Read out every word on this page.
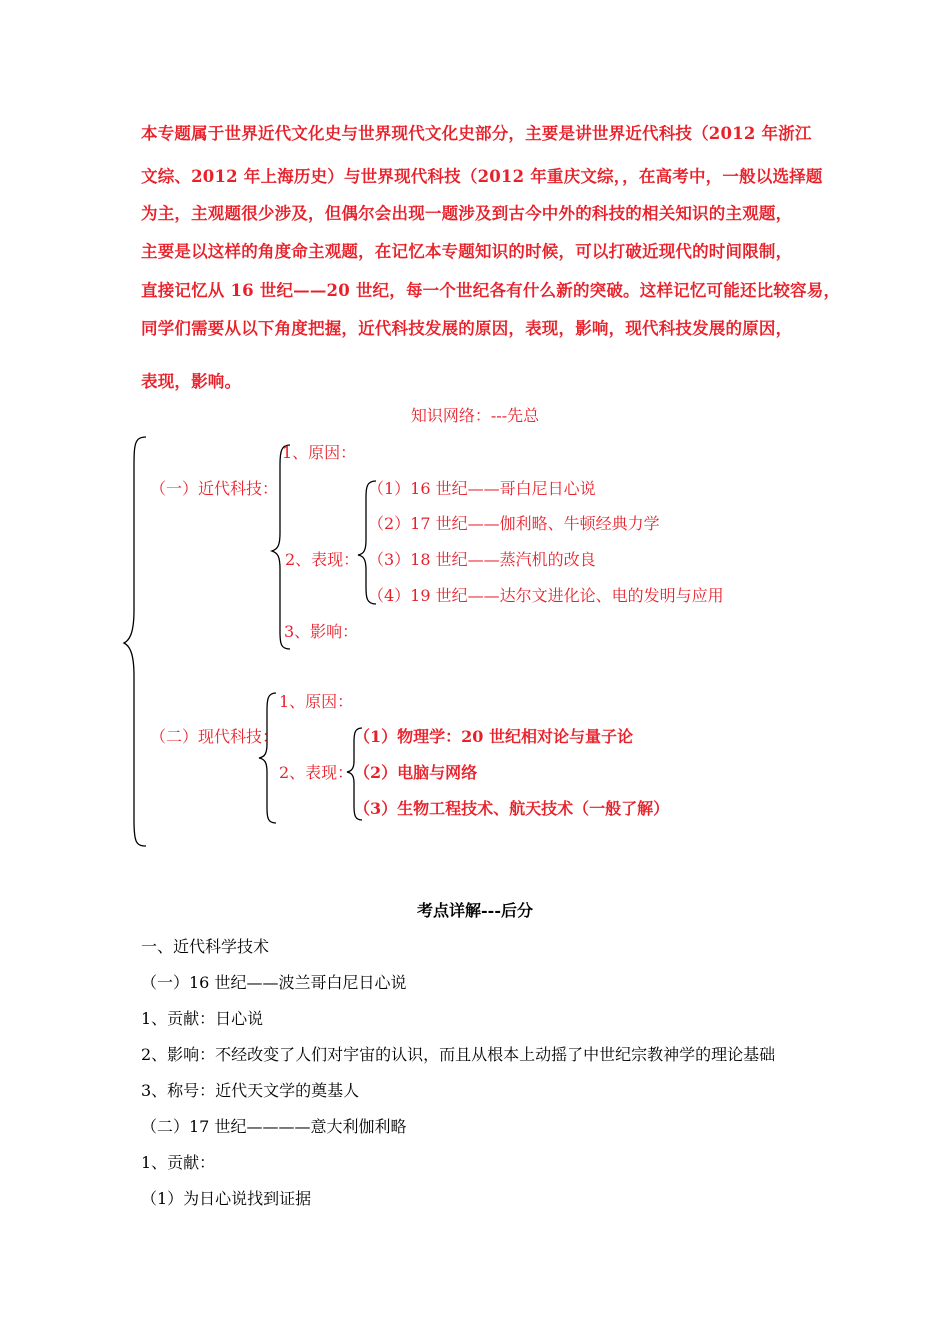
本专题属于世界近代文化史与世界现代文化史部分，主要是讲世界近代科技（2012 年浙江
文综、2012 年上海历史）与世界现代科技（2012 年重庆文综，，在高考中，一般以选择题
为主，主观题很少涉及，但偶尔会出现一题涉及到古今中外的科技的相关知识的主观题，
主要是以这样的角度命主观题，在记忆本专题知识的时候，可以打破近现代的时间限制，
直接记忆从 16 世纪——20 世纪，每一个世纪各有什么新的突破。这样记忆可能还比较容易，
同学们需要从以下角度把握，近代科技发展的原因，表现，影响，现代科技发展的原因，
表现，影响。
知识网络：---先总
（一）近代科技：
1、原因：
2、表现：
3、影响：
（1）16 世纪——哥白尼日心说
（2）17 世纪——伽利略、牛顿经典力学
（3）18 世纪——蒸汽机的改良
（4）19 世纪——达尔文进化论、电的发明与应用
（二）现代科技：
1、原因：
2、表现：
（1）物理学：20 世纪相对论与量子论
（2）电脑与网络
（3）生物工程技术、航天技术（一般了解）
考点详解---后分
一、近代科学技术
（一）16 世纪——波兰哥白尼日心说
1、贡献：日心说
2、影响：不经改变了人们对宇宙的认识，而且从根本上动摇了中世纪宗教神学的理论基础
3、称号：近代天文学的奠基人
（二）17 世纪————意大利伽利略
1、贡献：
（1）为日心说找到证据
